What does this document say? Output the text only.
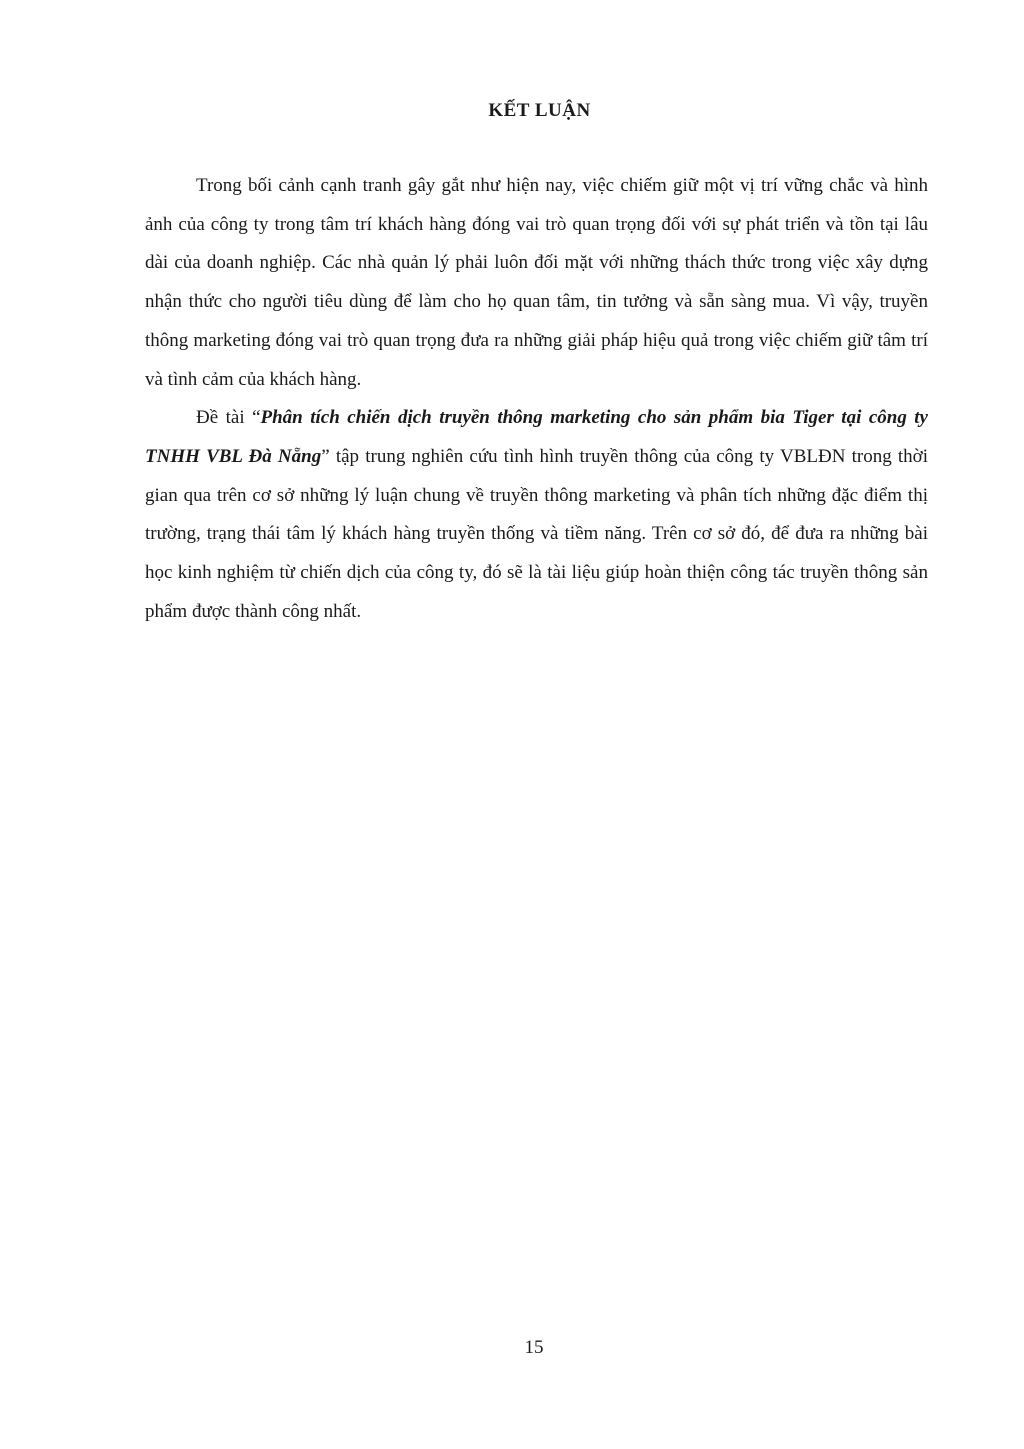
KẾT LUẬN

Trong bối cảnh cạnh tranh gây gắt như hiện nay, việc chiếm giữ một vị trí vững chắc và hình ảnh của công ty trong tâm trí khách hàng đóng vai trò quan trọng đối với sự phát triển và tồn tại lâu dài của doanh nghiệp. Các nhà quản lý phải luôn đối mặt với những thách thức trong việc xây dựng nhận thức cho người tiêu dùng để làm cho họ quan tâm, tin tưởng và sẵn sàng mua. Vì vậy, truyền thông marketing đóng vai trò quan trọng đưa ra những giải pháp hiệu quả trong việc chiếm giữ tâm trí và tình cảm của khách hàng.

Đề tài “Phân tích chiến dịch truyền thông marketing cho sản phẩm bia Tiger tại công ty TNHH VBL Đà Nẵng” tập trung nghiên cứu tình hình truyền thông của công ty VBLĐN trong thời gian qua trên cơ sở những lý luận chung về truyền thông marketing và phân tích những đặc điểm thị trường, trạng thái tâm lý khách hàng truyền thống và tiềm năng. Trên cơ sở đó, để đưa ra những bài học kinh nghiệm từ chiến dịch của công ty, đó sẽ là tài liệu giúp hoàn thiện công tác truyền thông sản phẩm được thành công nhất.

15
